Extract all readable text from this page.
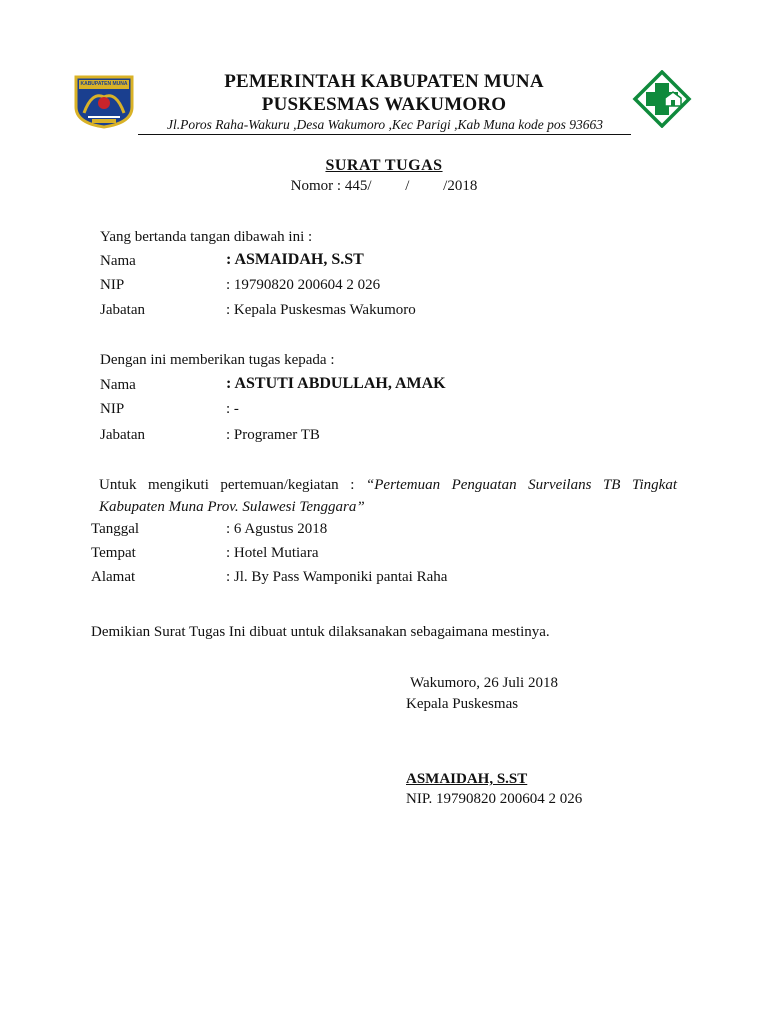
KABUPATEN MUNA	PEMERINTAH KABUPATEN MUNA
PUSKESMAS WAKUMORO
Jl.Poros Raha-Wakuru ,Desa Wakumoro ,Kec Parigi ,Kab Muna kode pos 93663
SURAT TUGAS
Nomor : 445/         /         /2018
Yang bertanda tangan dibawah ini :
Nama	: ASMAIDAH, S.ST
NIP	: 19790820 200604 2 026
Jabatan	: Kepala Puskesmas Wakumoro
Dengan ini memberikan tugas kepada :
Nama	: ASTUTI ABDULLAH, AMAK
NIP	: -
Jabatan	: Programer TB
Untuk mengikuti pertemuan/kegiatan : “Pertemuan Penguatan Surveilans TB Tingkat Kabupaten Muna Prov. Sulawesi Tenggara”
Tanggal	: 6 Agustus 2018
Tempat	: Hotel Mutiara
Alamat	: Jl. By Pass Wamponiki pantai Raha
Demikian Surat Tugas Ini dibuat untuk dilaksanakan sebagaimana mestinya.
Wakumoro, 26 Juli 2018
Kepala Puskesmas
ASMAIDAH, S.ST
NIP. 19790820 200604 2 026
